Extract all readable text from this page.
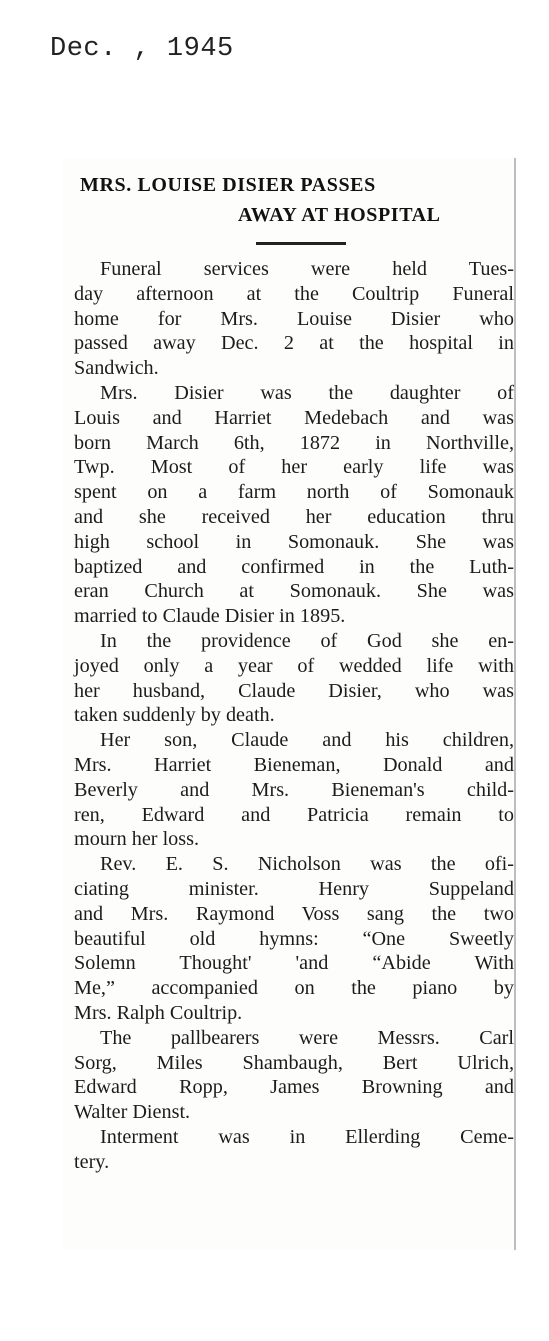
Dec. , 1945
MRS. LOUISE DISIER PASSES
AWAY AT HOSPITAL

Funeral services were held Tues-
day afternoon at the Coultrip Funeral
home for Mrs. Louise Disier who
passed away Dec. 2 at the hospital in
Sandwich.

Mrs. Disier was the daughter of
Louis and Harriet Medebach and was
born March 6th, 1872 in Northville,
Twp. Most of her early life was
spent on a farm north of Somonauk
and she received her education thru
high school in Somonauk. She was
baptized and confirmed in the Luth-
eran Church at Somonauk. She was
married to Claude Disier in 1895.

In the providence of God she en-
joyed only a year of wedded life with
her husband, Claude Disier, who was
taken suddenly by death.

Her son, Claude and his children,
Mrs. Harriet Bieneman, Donald and
Beverly and Mrs. Bieneman's child-
ren, Edward and Patricia remain to
mourn her loss.

Rev. E. S. Nicholson was the ofi-
ciating minister. Henry Suppeland
and Mrs. Raymond Voss sang the two
beautiful old hymns: “One Sweetly
Solemn Thought' 'and “Abide With
Me,” accompanied on the piano by
Mrs. Ralph Coultrip.

The pallbearers were Messrs. Carl
Sorg, Miles Shambaugh, Bert Ulrich,
Edward Ropp, James Browning and
Walter Dienst.

Interment was in Ellerding Ceme-
tery.
